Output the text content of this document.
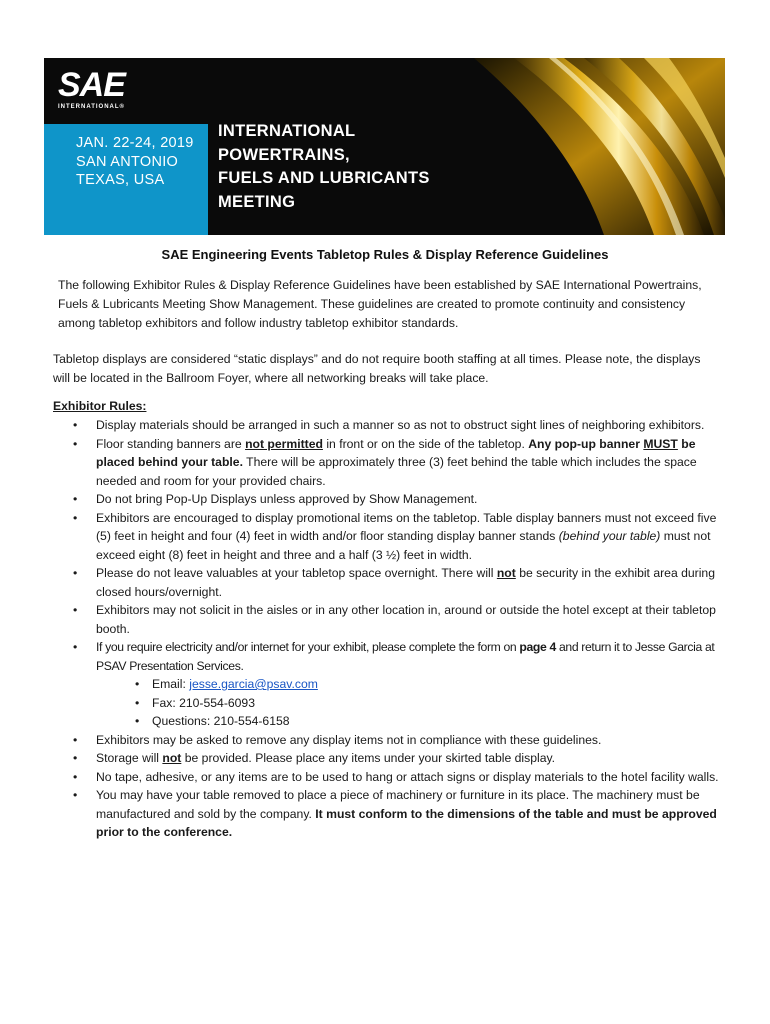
SAE
INTERNATIONAL®
JAN. 22-24, 2019
SAN ANTONIO
TEXAS, USA
INTERNATIONAL
POWERTRAINS,
FUELS AND LUBRICANTS
MEETING
SAE Engineering Events Tabletop Rules & Display Reference Guidelines
The following Exhibitor Rules & Display Reference Guidelines have been established by SAE International Powertrains, Fuels & Lubricants Meeting Show Management. These guidelines are created to promote continuity and consistency among tabletop exhibitors and follow industry tabletop exhibitor standards.
Tabletop displays are considered “static displays” and do not require booth staffing at all times. Please note, the displays will be located in the Ballroom Foyer, where all networking breaks will take place.
Exhibitor Rules:
• Display materials should be arranged in such a manner so as not to obstruct sight lines of neighboring exhibitors.
• Floor standing banners are not permitted in front or on the side of the tabletop. Any pop-up banner MUST be placed behind your table. There will be approximately three (3) feet behind the table which includes the space needed and room for your provided chairs.
• Do not bring Pop-Up Displays unless approved by Show Management.
• Exhibitors are encouraged to display promotional items on the tabletop. Table display banners must not exceed five (5) feet in height and four (4) feet in width and/or floor standing display banner stands (behind your table) must not exceed eight (8) feet in height and three and a half (3 ½) feet in width.
• Please do not leave valuables at your tabletop space overnight. There will not be security in the exhibit area during closed hours/overnight.
• Exhibitors may not solicit in the aisles or in any other location in, around or outside the hotel except at their tabletop booth.
• If you require electricity and/or internet for your exhibit, please complete the form on page 4 and return it to Jesse Garcia at PSAV Presentation Services.
• Email: jesse.garcia@psav.com
• Fax: 210-554-6093
• Questions: 210-554-6158
• Exhibitors may be asked to remove any display items not in compliance with these guidelines.
• Storage will not be provided. Please place any items under your skirted table display.
• No tape, adhesive, or any items are to be used to hang or attach signs or display materials to the hotel facility walls.
• You may have your table removed to place a piece of machinery or furniture in its place. The machinery must be manufactured and sold by the company. It must conform to the dimensions of the table and must be approved prior to the conference.
